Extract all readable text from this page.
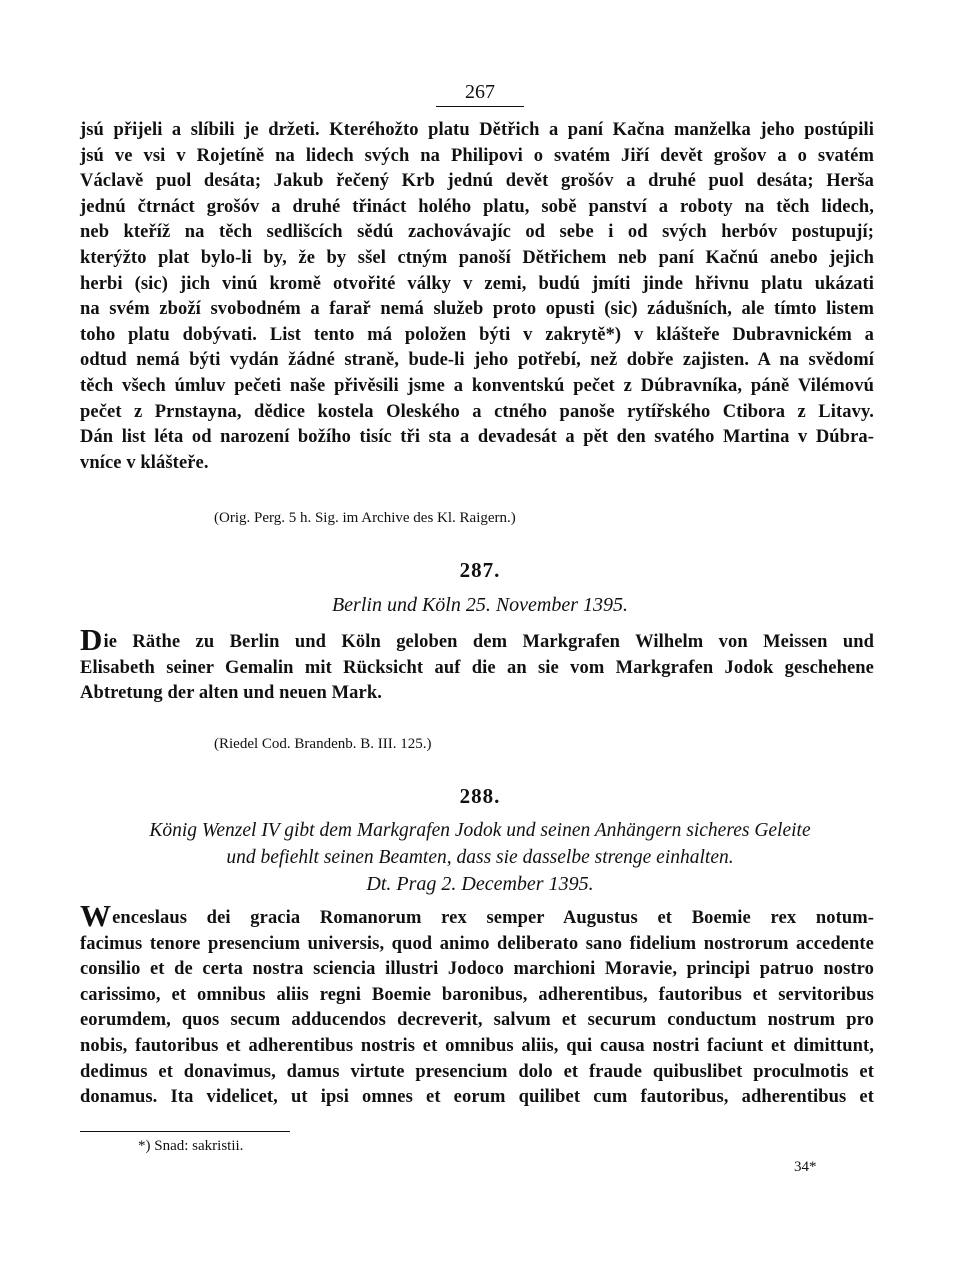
267
jsú přijeli a slíbili je držeti. Kteréhožto platu Dětřich a paní Kačna manželka jeho postúpili
jsú ve vsi v Rojetíně na lidech svých na Philipovi o svatém Jiří devět grošov a o svatém
Václavě puol desáta; Jakub řečený Krb jednú devět grošóv a druhé puol desáta; Herša
jednú čtrnáct grošóv a druhé třináct holého platu, sobě panství a roboty na těch lidech,
neb kteříž na těch sedlišcích sědú zachovávajíc od sebe i od svých herbóv postupují;
kterýžto plat bylo-li by, že by sšel ctným panoší Dětřichem neb paní Kačnú anebo jejich
herbi (sic) jich vinú kromě otvořité války v zemi, budú jmíti jinde hřivnu platu ukázati
na svém zboží svobodném a farař nemá služeb proto opusti (sic) zádušních, ale tímto listem
toho platu dobývati. List tento má položen býti v zakrytě*) v klášteře Dubravnickém a
odtud nemá býti vydán žádné straně, bude-li jeho potřebí, než dobře zajisten. A na svědomí
těch všech úmluv pečeti naše přivěsili jsme a konventskú pečet z Dúbravníka, páně Vilémovú
pečet z Prnstayna, dědice kostela Oleského a ctného panoše rytířského Ctibora z Litavy.
Dán list léta od narození božího tisíc tři sta a devadesát a pět den svatého Martina v Dúbra-
vníce v klášteře.
(Orig. Perg. 5 h. Sig. im Archive des Kl. Raigern.)
287.
Berlin und Köln 25. November 1395.
Die Räthe zu Berlin und Köln geloben dem Markgrafen Wilhelm von Meissen und
Elisabeth seiner Gemalin mit Rücksicht auf die an sie vom Markgrafen Jodok geschehene
Abtretung der alten und neuen Mark.
(Riedel Cod. Brandenb. B. III. 125.)
288.
König Wenzel IV gibt dem Markgrafen Jodok und seinen Anhängern sicheres Geleite
und befiehlt seinen Beamten, dass sie dasselbe strenge einhalten.
Dt. Prag 2. December 1395.
Wenceslaus dei gracia Romanorum rex semper Augustus et Boemie rex notum-
facimus tenore presencium universis, quod animo deliberato sano fidelium nostrorum accedente
consilio et de certa nostra sciencia illustri Jodoco marchioni Moravie, principi patruo nostro
carissimo, et omnibus aliis regni Boemie baronibus, adherentibus, fautoribus et servitoribus
eorumdem, quos secum adducendos decreverit, salvum et securum conductum nostrum pro
nobis, fautoribus et adherentibus nostris et omnibus aliis, qui causa nostri faciunt et dimittunt,
dedimus et donavimus, damus virtute presencium dolo et fraude quibuslibet proculmotis et
donamus. Ita videlicet, ut ipsi omnes et eorum quilibet cum fautoribus, adherentibus et
*) Snad: sakristii.
34*
